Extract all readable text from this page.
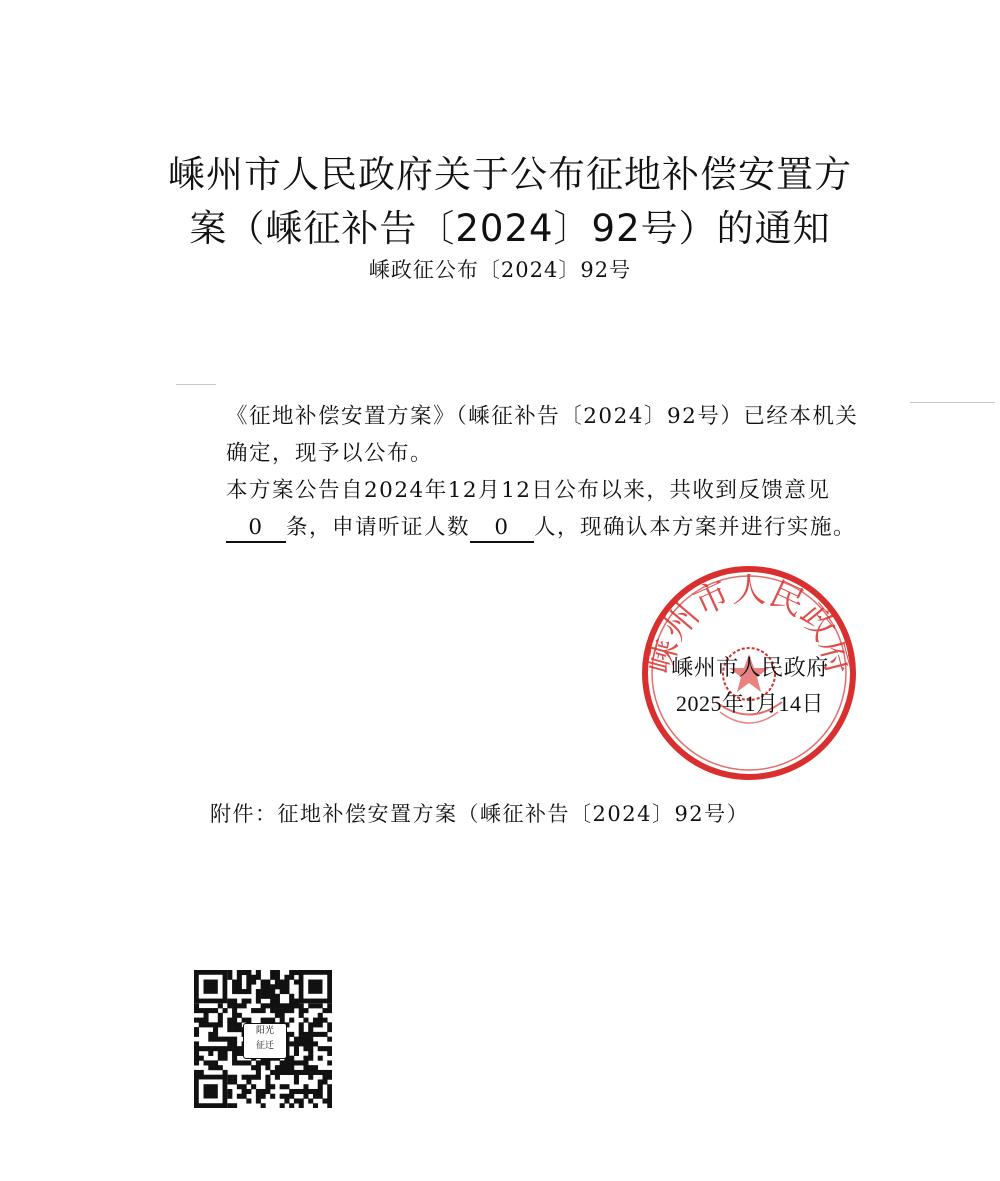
嵊州市人民政府关于公布征地补偿安置方
案（嵊征补告〔2024〕92号）的通知
嵊政征公布〔2024〕92号

《征地补偿安置方案》（嵊征补告〔2024〕92号）已经本机关确定，现予以公布。

本方案公告自2024年12月12日公布以来，共收到反馈意见0 条，申请听证人数 0 人，现确认本方案并进行实施。

嵊州市人民政府
嵊州市人民政府
2025年1月14日
附件：征地补偿安置方案（嵊征补告〔2024〕92号）
阳光
征迁
